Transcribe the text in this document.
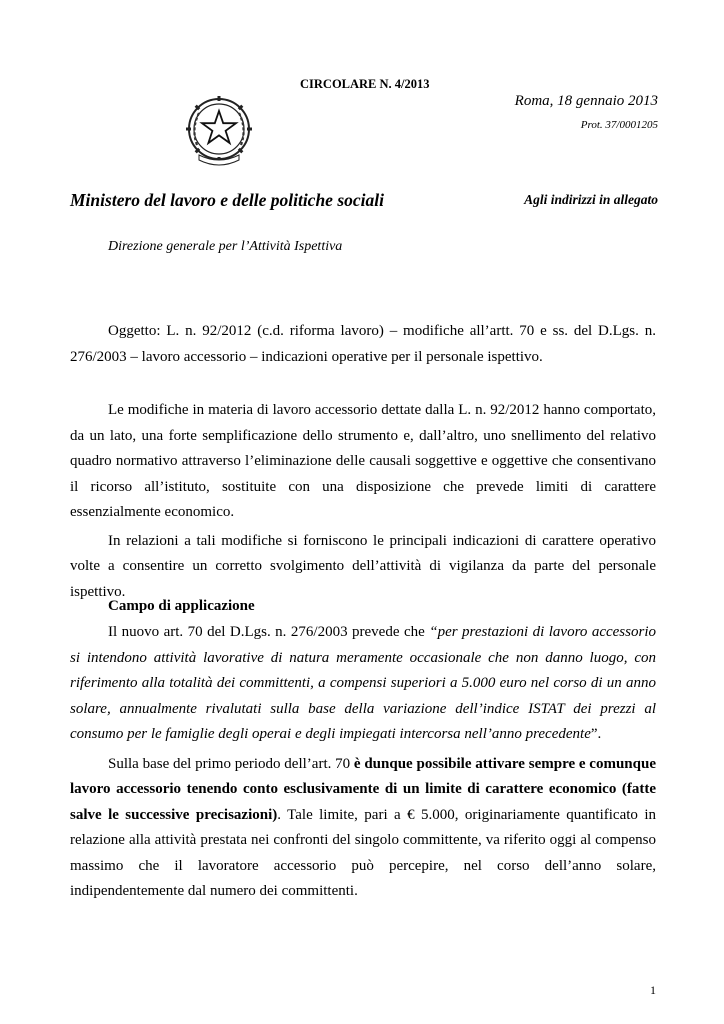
CIRCOLARE N. 4/2013
Roma, 18 gennaio 2013
Prot. 37/0001205
Ministero del lavoro e delle politiche sociali	Agli indirizzi in allegato
Direzione generale per l’Attività Ispettiva

Oggetto: L. n. 92/2012 (c.d. riforma lavoro) – modifiche all’artt. 70 e ss. del D.Lgs. n. 276/2003 – lavoro accessorio – indicazioni operative per il personale ispettivo.

Le modifiche in materia di lavoro accessorio dettate dalla L. n. 92/2012 hanno comportato, da un lato, una forte semplificazione dello strumento e, dall’altro, uno snellimento del relativo quadro normativo attraverso l’eliminazione delle causali soggettive e oggettive che consentivano il ricorso all’istituto, sostituite con una disposizione che prevede limiti di carattere essenzialmente economico.

In relazioni a tali modifiche si forniscono le principali indicazioni di carattere operativo volte a consentire un corretto svolgimento dell’attività di vigilanza da parte del personale ispettivo.

Campo di applicazione

Il nuovo art. 70 del D.Lgs. n. 276/2003 prevede che “per prestazioni di lavoro accessorio si intendono attività lavorative di natura meramente occasionale che non danno luogo, con riferimento alla totalità dei committenti, a compensi superiori a 5.000 euro nel corso di un anno solare, annualmente rivalutati sulla base della variazione dell’indice ISTAT dei prezzi al consumo per le famiglie degli operai e degli impiegati intercorsa nell’anno precedente”.

Sulla base del primo periodo dell’art. 70 è dunque possibile attivare sempre e comunque lavoro accessorio tenendo conto esclusivamente di un limite di carattere economico (fatte salve le successive precisazioni). Tale limite, pari a € 5.000, originariamente quantificato in relazione alla attività prestata nei confronti del singolo committente, va riferito oggi al compenso massimo che il lavoratore accessorio può percepire, nel corso dell’anno solare, indipendentemente dal numero dei committenti.

1
